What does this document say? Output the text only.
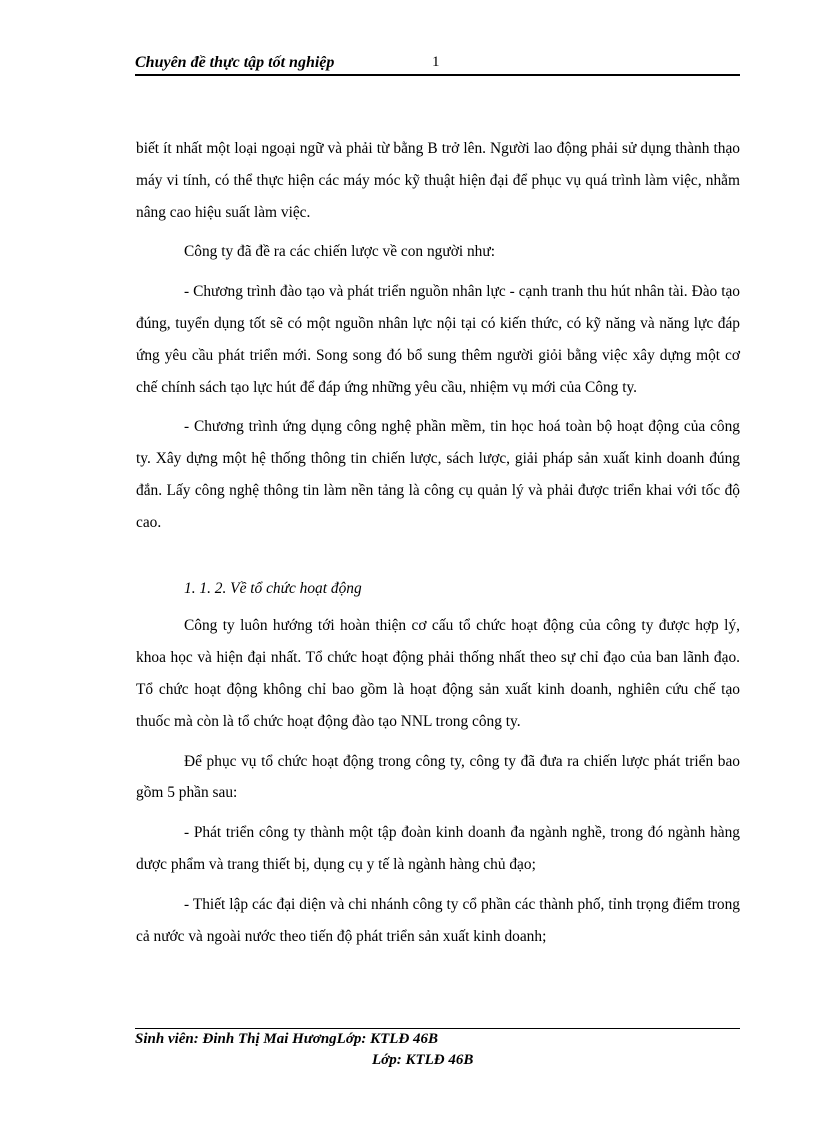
Chuyên đề thực tập tốt nghiệp	1

biết ít nhất một loại ngoại ngữ và phải từ bằng B trở lên. Người lao động phải sử dụng thành thạo máy vi tính, có thể thực hiện các máy móc kỹ thuật hiện đại để phục vụ quá trình làm việc, nhằm nâng cao hiệu suất làm việc.

Công ty đã đề ra các chiến lược về con người như:

- Chương trình đào tạo và phát triển nguồn nhân lực - cạnh tranh thu hút nhân tài. Đào tạo đúng, tuyển dụng tốt sẽ có một nguồn nhân lực nội tại có kiến thức, có kỹ năng và năng lực đáp ứng yêu cầu phát triển mới. Song song đó bổ sung thêm người giỏi bằng việc xây dựng một cơ chế chính sách tạo lực hút để đáp ứng những yêu cầu, nhiệm vụ mới của Công ty.

- Chương trình ứng dụng công nghệ phần mềm, tin học hoá toàn bộ hoạt động của công ty. Xây dựng một hệ thống thông tin chiến lược, sách lược, giải pháp sản xuất kinh doanh đúng đắn. Lấy công nghệ thông tin làm nền tảng là công cụ quản lý và phải được triển khai với tốc độ cao.

1. 1. 2. Về tổ chức hoạt động

Công ty luôn hướng tới hoàn thiện cơ cấu tổ chức hoạt động của công ty được hợp lý, khoa học và hiện đại nhất. Tổ chức hoạt động phải thống nhất theo sự chỉ đạo của ban lãnh đạo. Tổ chức hoạt động không chỉ bao gồm là hoạt động sản xuất kinh doanh, nghiên cứu chế tạo thuốc mà còn là tổ chức hoạt động đào tạo NNL trong công ty.

Để phục vụ tổ chức hoạt động trong công ty, công ty đã đưa ra chiến lược phát triển bao gồm 5 phần sau:

- Phát triển công ty thành một tập đoàn kinh doanh đa ngành nghề, trong đó ngành hàng dược phẩm và trang thiết bị, dụng cụ y tế là ngành hàng chủ đạo;

- Thiết lập các đại diện và chi nhánh công ty cổ phần các thành phố, tỉnh trọng điểm trong cả nước và ngoài nước theo tiến độ phát triển sản xuất kinh doanh;

Sinh viên: Đinh Thị Mai HươngLớp: KTLĐ 46B
Lớp: KTLĐ 46B
